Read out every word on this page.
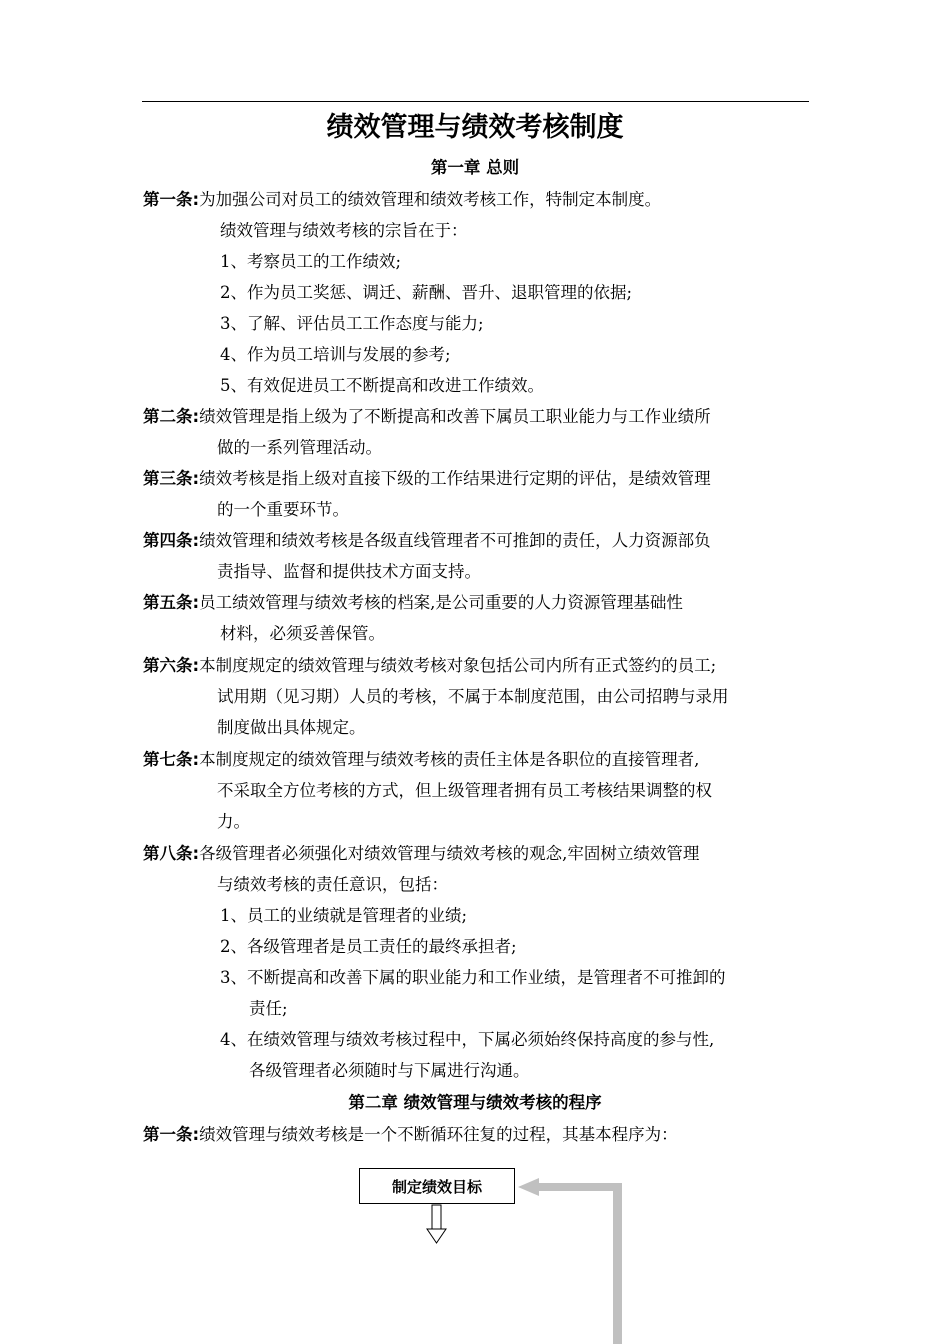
绩效管理与绩效考核制度
第一章 总则
第一条:为加强公司对员工的绩效管理和绩效考核工作，特制定本制度。
绩效管理与绩效考核的宗旨在于：
1、考察员工的工作绩效;
2、作为员工奖惩、调迁、薪酬、晋升、退职管理的依据;
3、了解、评估员工工作态度与能力;
4、作为员工培训与发展的参考;
5、有效促进员工不断提高和改进工作绩效。
第二条:绩效管理是指上级为了不断提高和改善下属员工职业能力与工作业绩所
做的一系列管理活动。
第三条:绩效考核是指上级对直接下级的工作结果进行定期的评估，是绩效管理
的一个重要环节。
第四条:绩效管理和绩效考核是各级直线管理者不可推卸的责任，人力资源部负
责指导、监督和提供技术方面支持。
第五条:员工绩效管理与绩效考核的档案,是公司重要的人力资源管理基础性
材料，必须妥善保管。
第六条:本制度规定的绩效管理与绩效考核对象包括公司内所有正式签约的员工;
试用期（见习期）人员的考核，不属于本制度范围，由公司招聘与录用
制度做出具体规定。
第七条:本制度规定的绩效管理与绩效考核的责任主体是各职位的直接管理者,
不采取全方位考核的方式，但上级管理者拥有员工考核结果调整的权
力。
第八条:各级管理者必须强化对绩效管理与绩效考核的观念,牢固树立绩效管理
与绩效考核的责任意识，包括：
1、员工的业绩就是管理者的业绩;
2、各级管理者是员工责任的最终承担者;
3、不断提高和改善下属的职业能力和工作业绩，是管理者不可推卸的
责任;
4、在绩效管理与绩效考核过程中，下属必须始终保持高度的参与性,
各级管理者必须随时与下属进行沟通。
第二章 绩效管理与绩效考核的程序
第一条:绩效管理与绩效考核是一个不断循环往复的过程，其基本程序为：
制定绩效目标
